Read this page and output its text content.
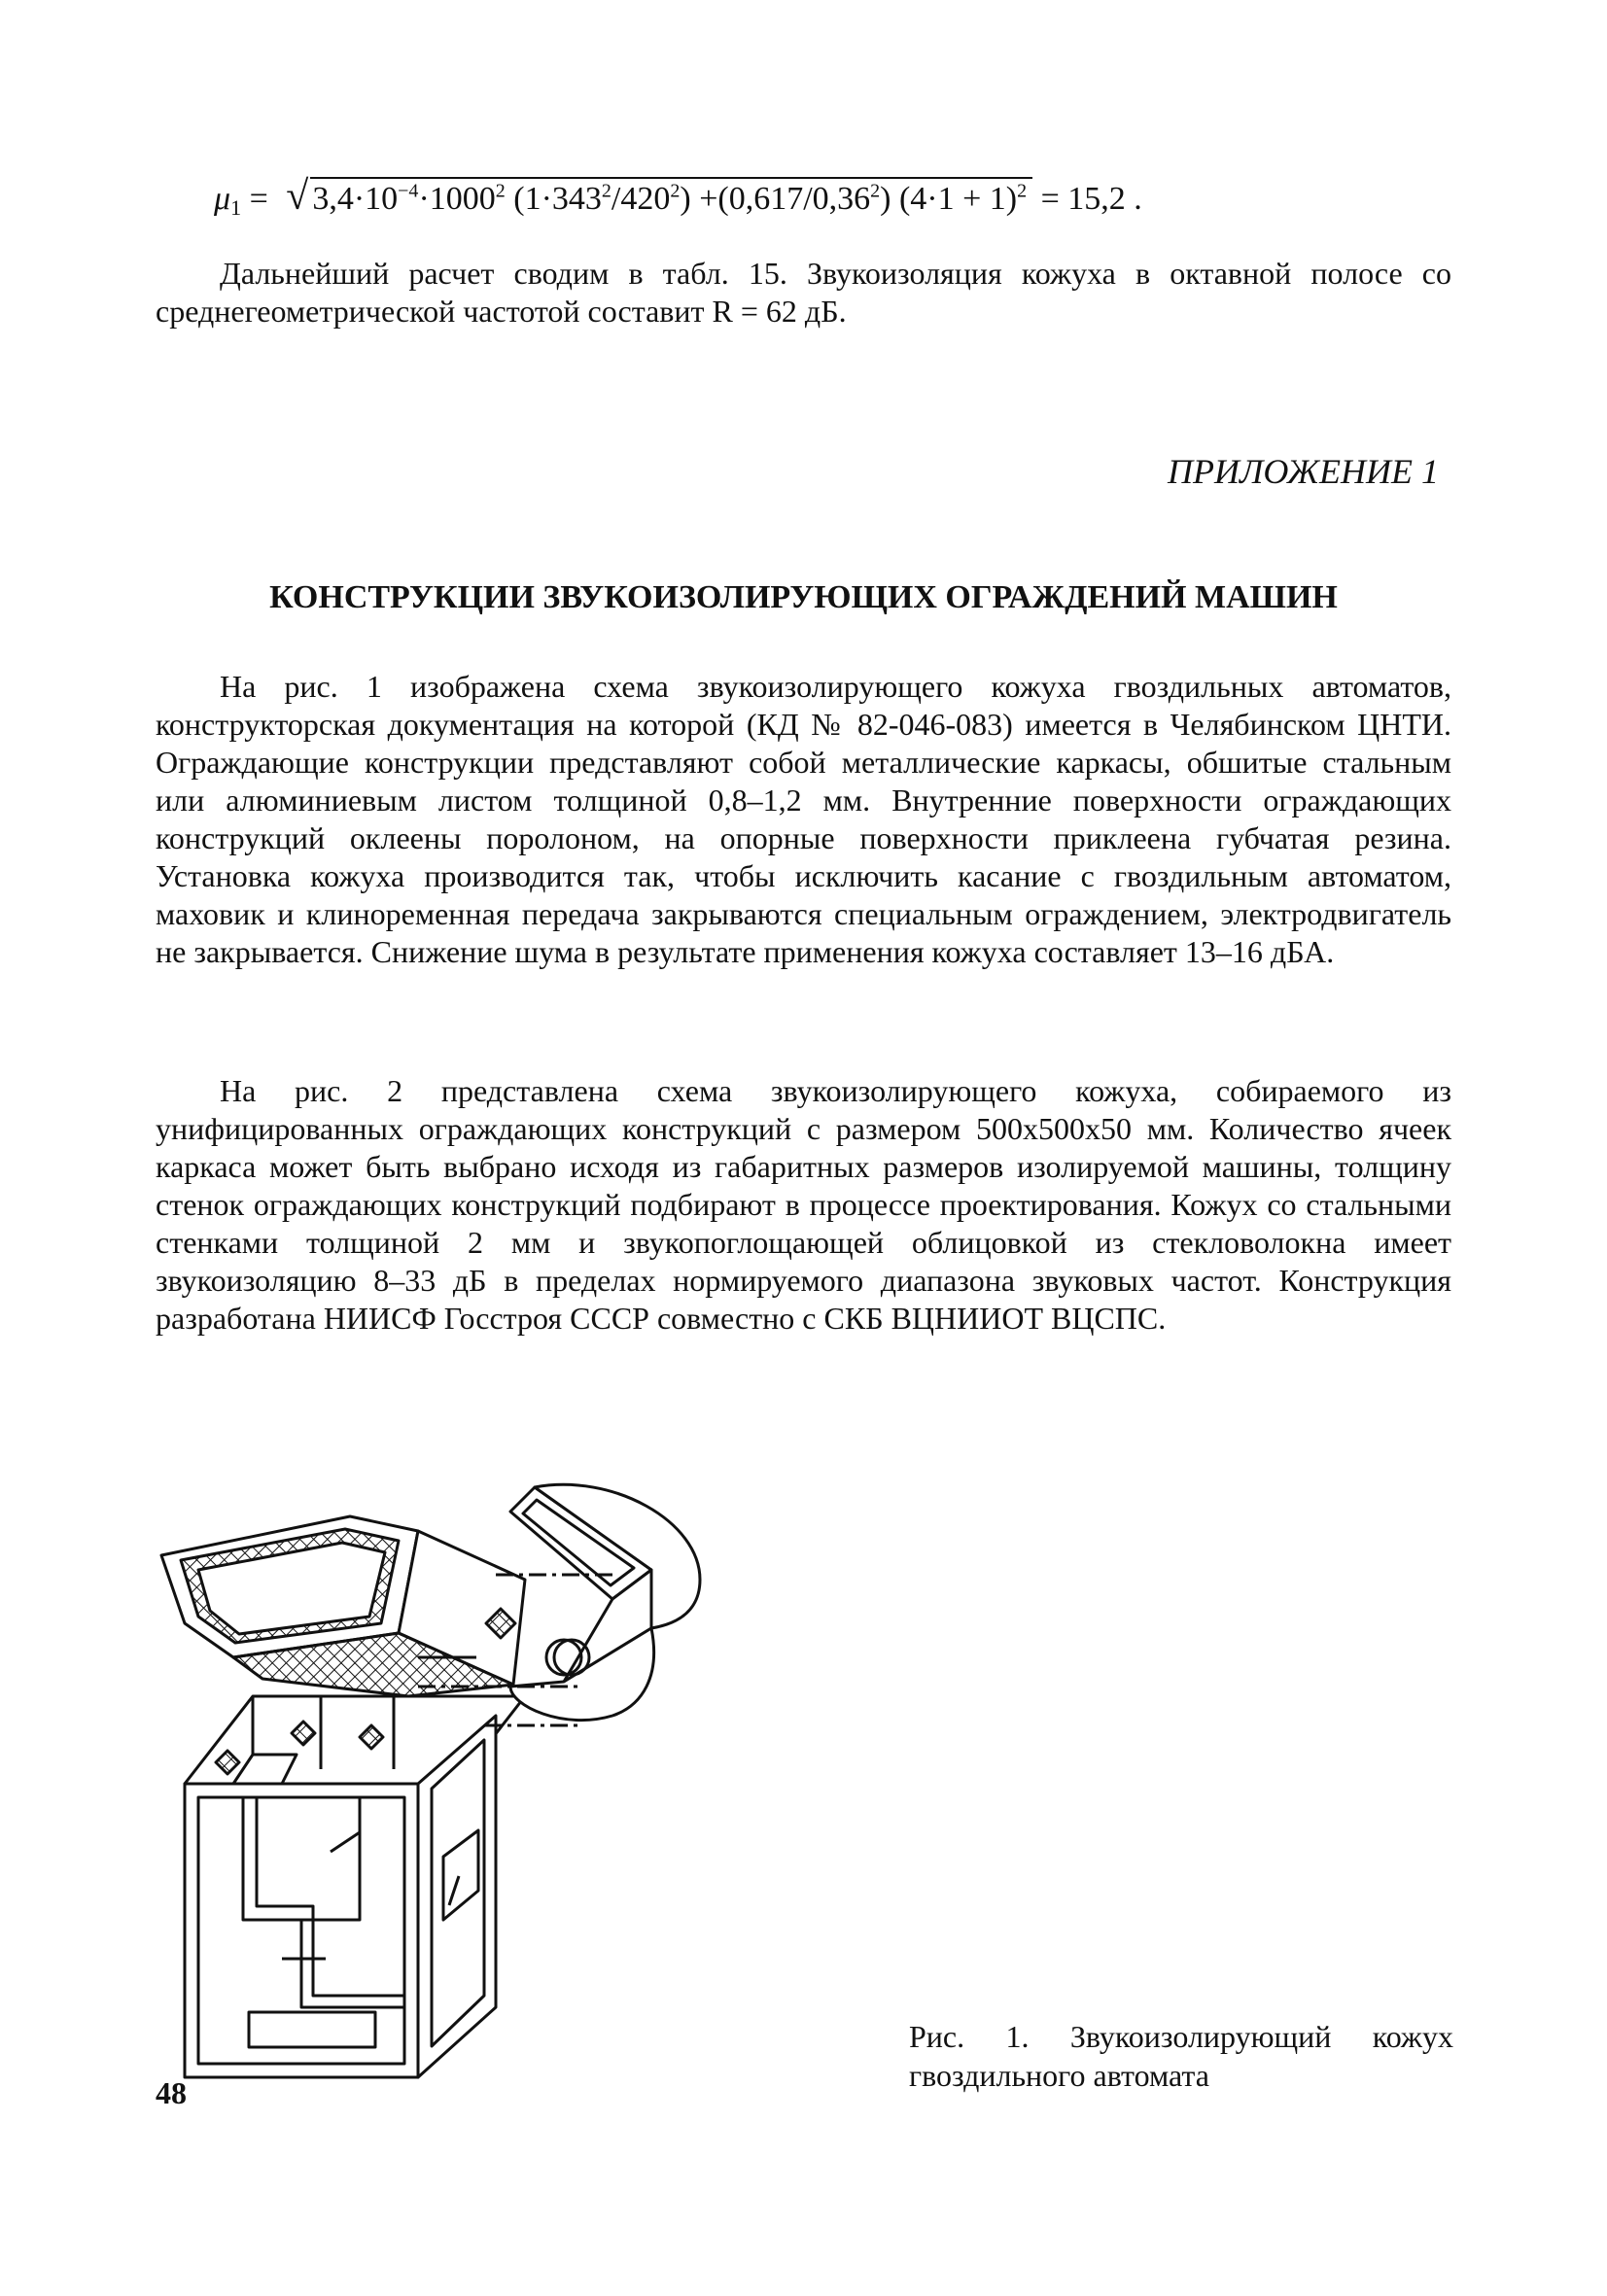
$\mu_1$ = √ $3,4\cdot 10^{-4}\cdot 1000^2$ $(1\cdot 343^2/420^2) +(0,617/0,36^2) (4\cdot 1 + 1)^2 = 15,2$ .

Дальнейший расчет сводим в табл. 15. Звукоизоляция кожуха в октавной полосе со среднегеометрической частотой составит R = 62 дБ.

ПРИЛОЖЕНИЕ 1
КОНСТРУКЦИИ ЗВУКОИЗОЛИРУЮЩИХ ОГРАЖДЕНИЙ МАШИН

На рис. 1 изображена схема звукоизолирующего кожуха гвоздильных автоматов, конструкторская документация на которой (КД № 82-046-083) имеется в Челябинском ЦНТИ. Ограждающие конструкции представляют собой металлические каркасы, обшитые стальным или алюминиевым листом толщиной 0,8–1,2 мм. Внутренние поверхности ограждающих конструкций оклеены поролоном, на опорные поверхности приклеена губчатая резина. Установка кожуха производится так, чтобы исключить касание с гвоздильным автоматом, маховик и клиноременная передача закрываются специальным ограждением, электродвигатель не закрывается. Снижение шума в результате применения кожуха составляет 13–16 дБА.

На рис. 2 представлена схема звукоизолирующего кожуха, собираемого из унифицированных ограждающих конструкций с размером 500х500х50 мм. Количество ячеек каркаса может быть выбрано исходя из габаритных размеров изолируемой машины, толщину стенок ограждающих конструкций подбирают в процессе проектирования. Кожух со стальными стенками толщиной 2 мм и звукопоглощающей облицовкой из стекловолокна имеет звукоизоляцию 8–33 дБ в пределах нормируемого диапазона звуковых частот. Конструкция разработана НИИСФ Госстроя СССР совместно с СКБ ВЦНИИОТ ВЦСПС.

Рис. 1. Звукоизолирующий кожух гвоздильного автомата
48
